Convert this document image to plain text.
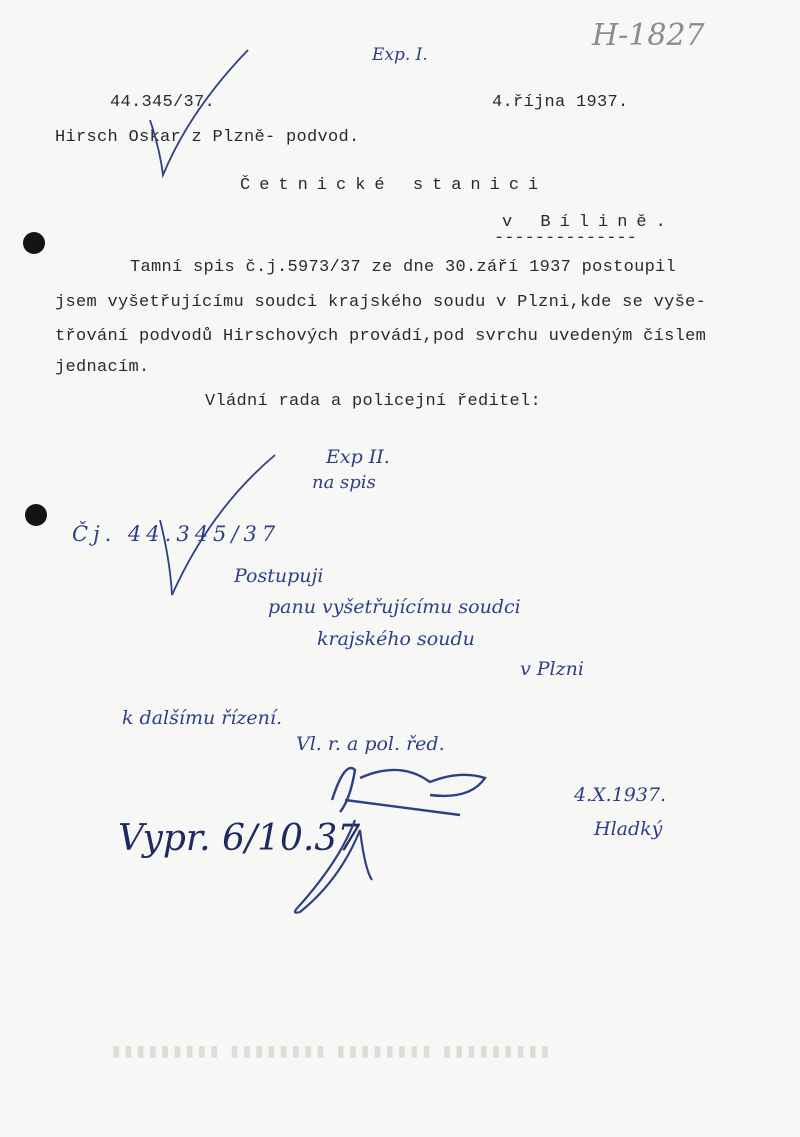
H-1827
Exp. I.
44.345/37.	4.října 1937.
Hirsch Oskar z Plzně- podvod.
Četnické stanici
v Bílině.
--------------
Tamní spis č.j.5973/37 ze dne 30.září 1937 postoupil
jsem vyšetřujícímu soudci krajského soudu v Plzni,kde se vyše-
třování podvodů Hirschových provádí,pod svrchu uvedeným číslem
jednacím.
Vládní rada a policejní ředitel:
Exp II.
na spis
Čj. 44.345/37
Postupuji
panu vyšetřujícímu soudci
krajského soudu
v Plzni
k dalšímu řízení.
Vl. r. a pol. řed.
4.X.1937.
Hladký
Vypr. 6/10.37
▮▮▮▮▮▮▮▮▮ ▮▮▮▮▮▮▮▮ ▮▮▮▮▮▮▮▮ ▮▮▮▮▮▮▮▮▮
